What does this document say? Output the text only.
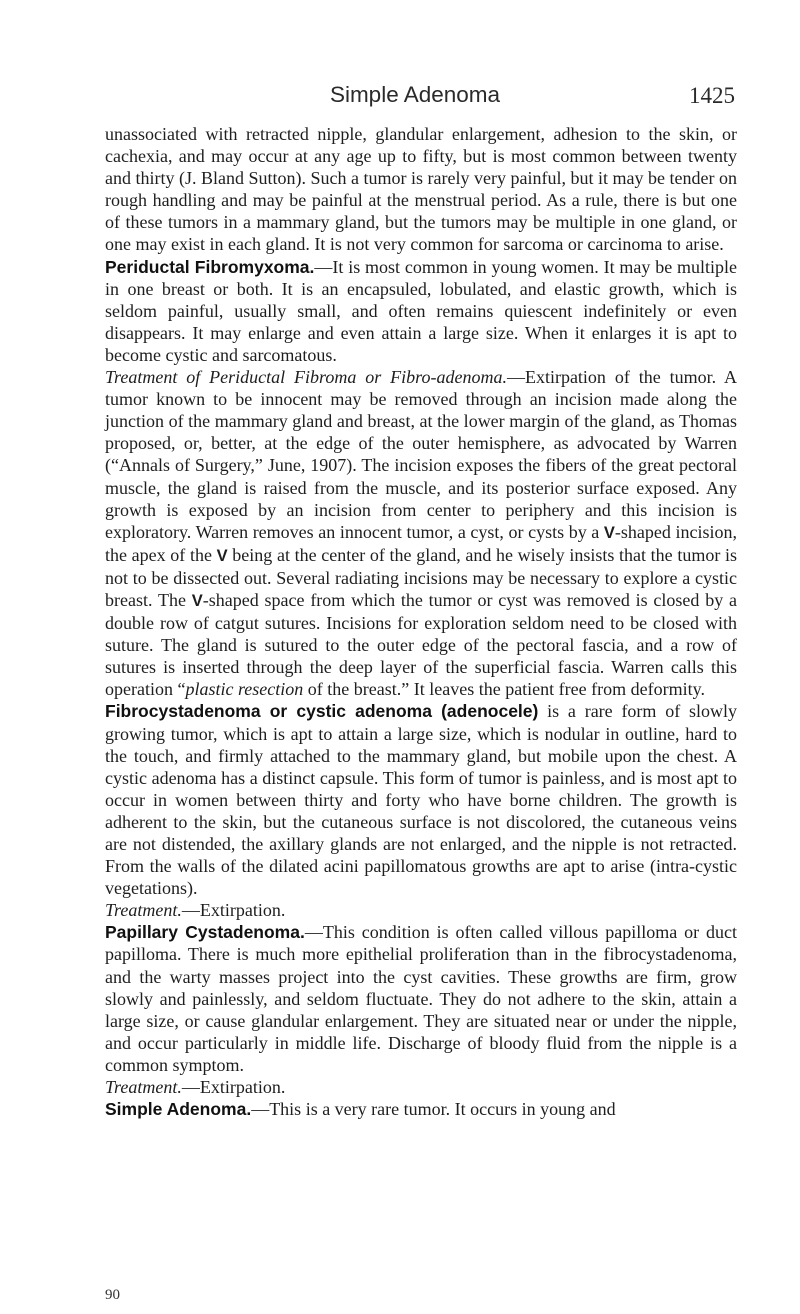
Simple Adenoma	1425

unassociated with retracted nipple, glandular enlargement, adhesion to the skin, or cachexia, and may occur at any age up to fifty, but is most common between twenty and thirty (J. Bland Sutton). Such a tumor is rarely very painful, but it may be tender on rough handling and may be painful at the menstrual period. As a rule, there is but one of these tumors in a mammary gland, but the tumors may be multiple in one gland, or one may exist in each gland. It is not very common for sarcoma or carcinoma to arise.

Periductal Fibromyxoma.—It is most common in young women. It may be multiple in one breast or both. It is an encapsuled, lobulated, and elastic growth, which is seldom painful, usually small, and often remains quiescent indefinitely or even disappears. It may enlarge and even attain a large size. When it enlarges it is apt to become cystic and sarcomatous.

Treatment of Periductal Fibroma or Fibro-adenoma.—Extirpation of the tumor. A tumor known to be innocent may be removed through an incision made along the junction of the mammary gland and breast, at the lower margin of the gland, as Thomas proposed, or, better, at the edge of the outer hemisphere, as advocated by Warren (“Annals of Surgery,” June, 1907). The incision exposes the fibers of the great pectoral muscle, the gland is raised from the muscle, and its posterior surface exposed. Any growth is exposed by an incision from center to periphery and this incision is exploratory. Warren removes an innocent tumor, a cyst, or cysts by a V-shaped incision, the apex of the V being at the center of the gland, and he wisely insists that the tumor is not to be dissected out. Several radiating incisions may be necessary to explore a cystic breast. The V-shaped space from which the tumor or cyst was removed is closed by a double row of catgut sutures. Incisions for exploration seldom need to be closed with suture. The gland is sutured to the outer edge of the pectoral fascia, and a row of sutures is inserted through the deep layer of the superficial fascia. Warren calls this operation “plastic resection of the breast.” It leaves the patient free from deformity.

Fibrocystadenoma or cystic adenoma (adenocele) is a rare form of slowly growing tumor, which is apt to attain a large size, which is nodular in outline, hard to the touch, and firmly attached to the mammary gland, but mobile upon the chest. A cystic adenoma has a distinct capsule. This form of tumor is painless, and is most apt to occur in women between thirty and forty who have borne children. The growth is adherent to the skin, but the cutaneous surface is not discolored, the cutaneous veins are not distended, the axillary glands are not enlarged, and the nipple is not retracted. From the walls of the dilated acini papillomatous growths are apt to arise (intra-cystic vegetations).

Treatment.—Extirpation.

Papillary Cystadenoma.—This condition is often called villous papilloma or duct papilloma. There is much more epithelial proliferation than in the fibrocystadenoma, and the warty masses project into the cyst cavities. These growths are firm, grow slowly and painlessly, and seldom fluctuate. They do not adhere to the skin, attain a large size, or cause glandular enlargement. They are situated near or under the nipple, and occur particularly in middle life. Discharge of bloody fluid from the nipple is a common symptom.

Treatment.—Extirpation.

Simple Adenoma.—This is a very rare tumor. It occurs in young and

90
